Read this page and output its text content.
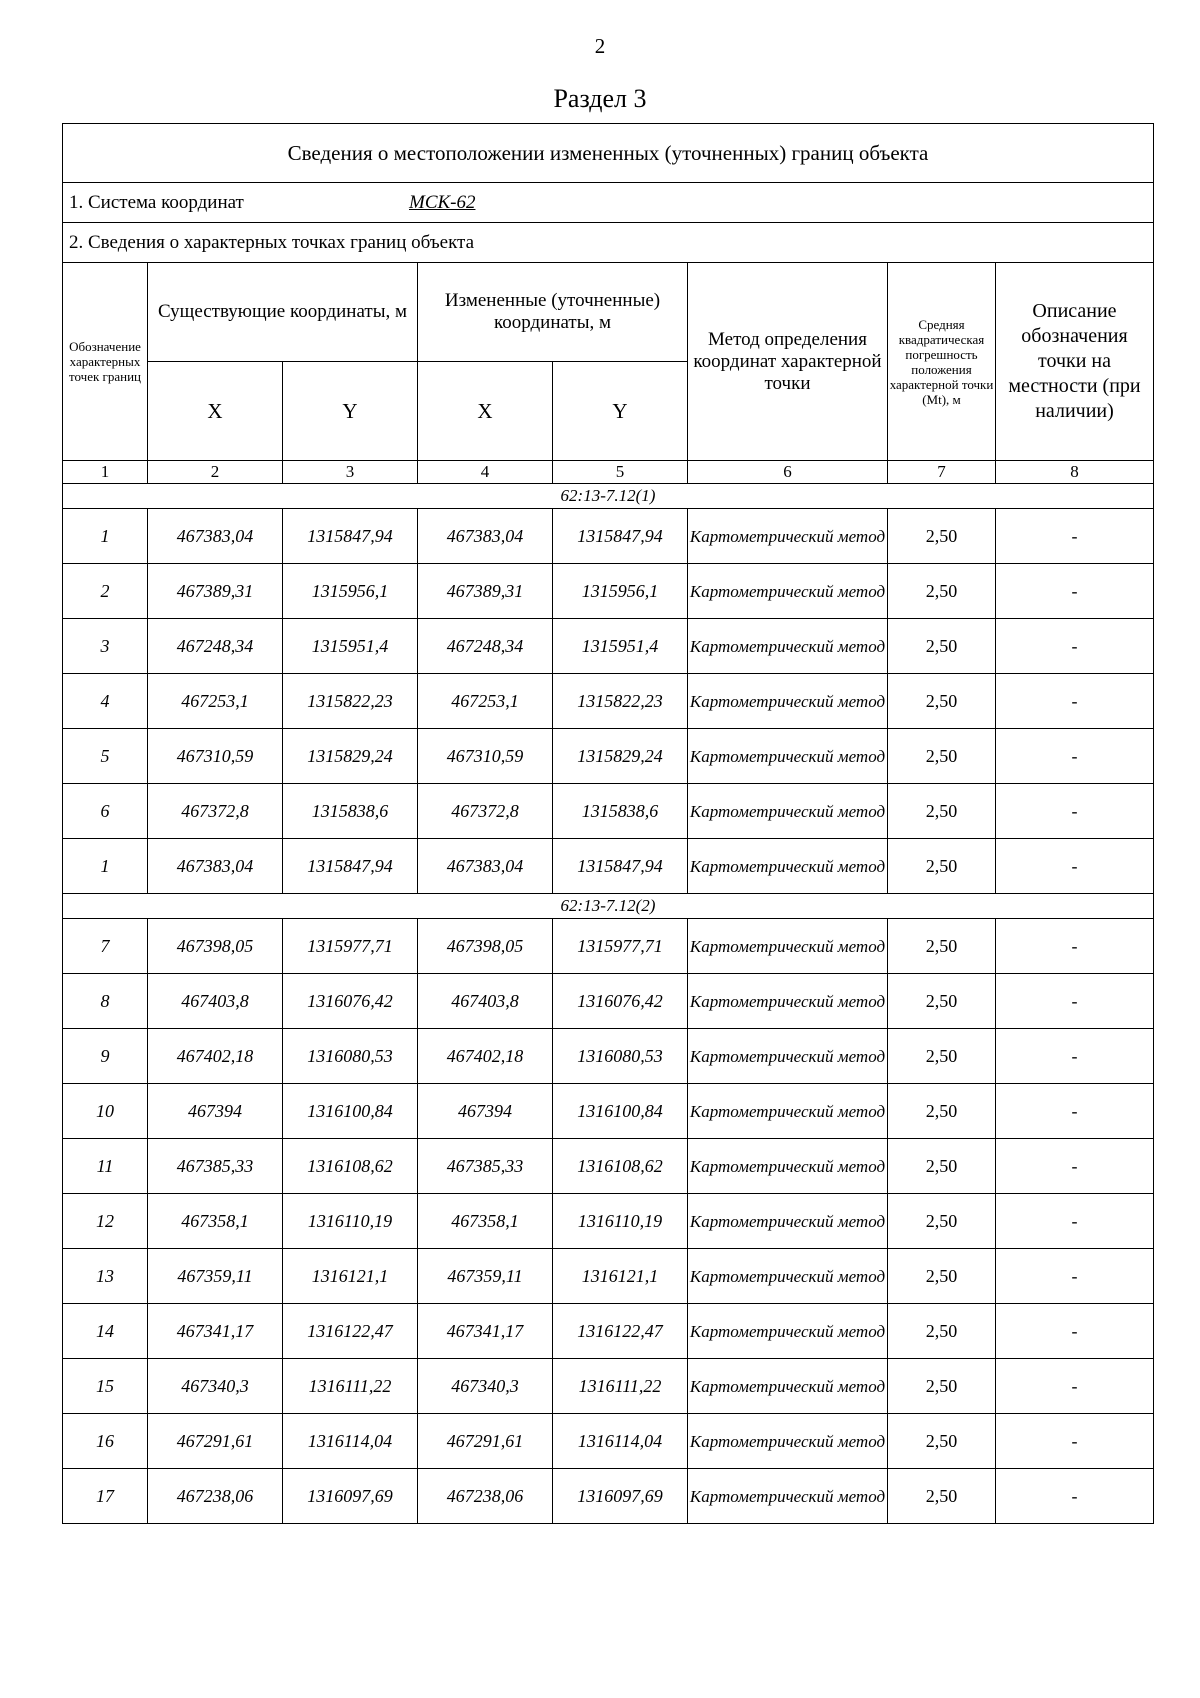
2
Раздел 3
Сведения о местоположении измененных (уточненных) границ объекта							
1. Система координат МСК-62							
2. Сведения о характерных точках границ объекта							
Обозначение характерных точек границ	Существующие координаты, м		Измененные (уточненные) координаты, м		Метод определения координат характерной точки	Средняя квадратическая погрешность положения характерной точки (Mt), м	Описание обозначения точки на местности (при наличии)
	X	Y	X	Y			
1	2	3	4	5	6	7	8
62:13-7.12(1)							
1	467383,04	1315847,94	467383,04	1315847,94	Картометрический метод	2,50	-
2	467389,31	1315956,1	467389,31	1315956,1	Картометрический метод	2,50	-
3	467248,34	1315951,4	467248,34	1315951,4	Картометрический метод	2,50	-
4	467253,1	1315822,23	467253,1	1315822,23	Картометрический метод	2,50	-
5	467310,59	1315829,24	467310,59	1315829,24	Картометрический метод	2,50	-
6	467372,8	1315838,6	467372,8	1315838,6	Картометрический метод	2,50	-
1	467383,04	1315847,94	467383,04	1315847,94	Картометрический метод	2,50	-
62:13-7.12(2)							
7	467398,05	1315977,71	467398,05	1315977,71	Картометрический метод	2,50	-
8	467403,8	1316076,42	467403,8	1316076,42	Картометрический метод	2,50	-
9	467402,18	1316080,53	467402,18	1316080,53	Картометрический метод	2,50	-
10	467394	1316100,84	467394	1316100,84	Картометрический метод	2,50	-
11	467385,33	1316108,62	467385,33	1316108,62	Картометрический метод	2,50	-
12	467358,1	1316110,19	467358,1	1316110,19	Картометрический метод	2,50	-
13	467359,11	1316121,1	467359,11	1316121,1	Картометрический метод	2,50	-
14	467341,17	1316122,47	467341,17	1316122,47	Картометрический метод	2,50	-
15	467340,3	1316111,22	467340,3	1316111,22	Картометрический метод	2,50	-
16	467291,61	1316114,04	467291,61	1316114,04	Картометрический метод	2,50	-
17	467238,06	1316097,69	467238,06	1316097,69	Картометрический метод	2,50	-
